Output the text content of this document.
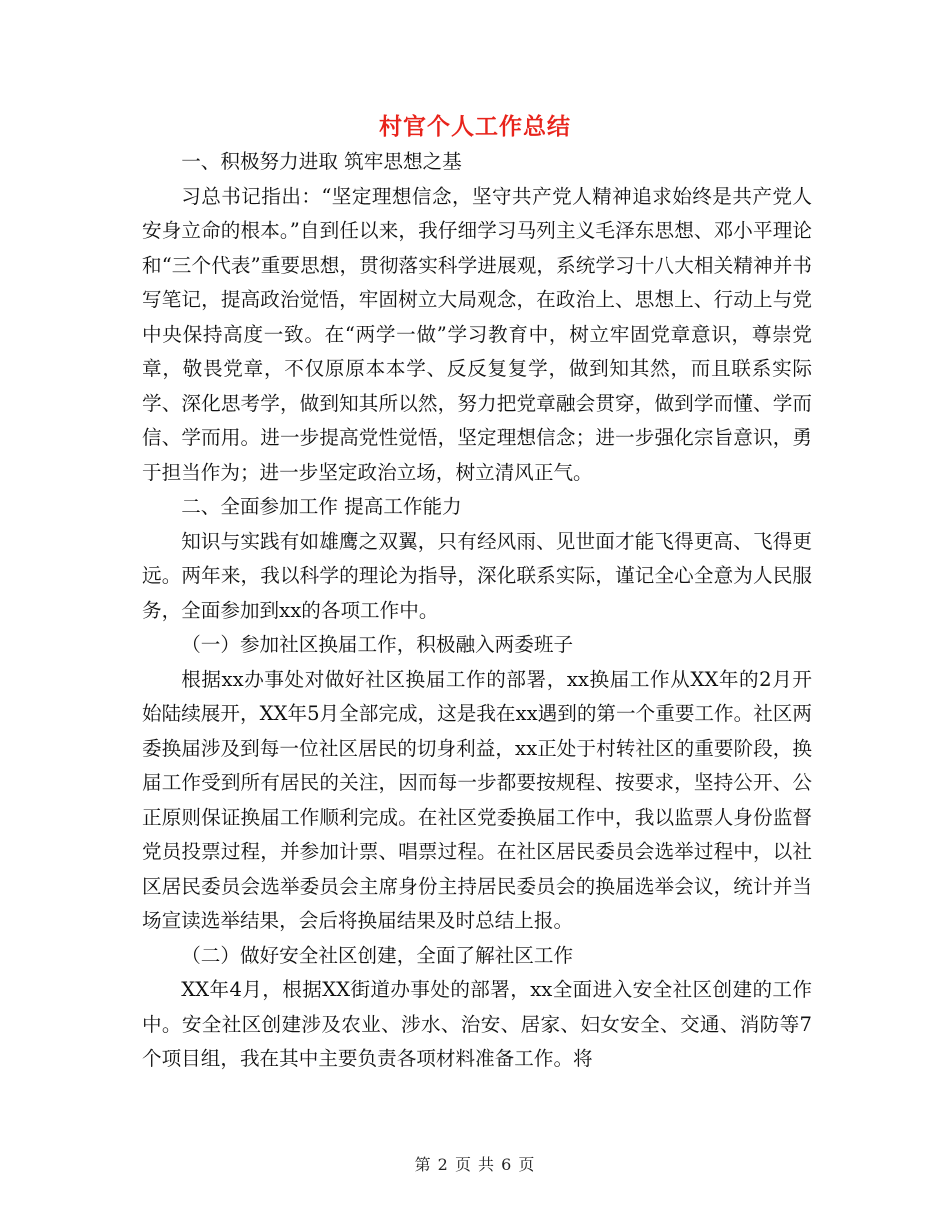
村官个人工作总结

一、积极努力进取 筑牢思想之基

习总书记指出：“坚定理想信念，坚守共产党人精神追求始终是共产党人安身立命的根本。”自到任以来，我仔细学习马列主义毛泽东思想、邓小平理论和“三个代表”重要思想，贯彻落实科学进展观，系统学习十八大相关精神并书写笔记，提高政治觉悟，牢固树立大局观念，在政治上、思想上、行动上与党中央保持高度一致。在“两学一做”学习教育中，树立牢固党章意识，尊崇党章，敬畏党章，不仅原原本本学、反反复复学，做到知其然，而且联系实际学、深化思考学，做到知其所以然，努力把党章融会贯穿，做到学而懂、学而信、学而用。进一步提高党性觉悟，坚定理想信念；进一步强化宗旨意识，勇于担当作为；进一步坚定政治立场，树立清风正气。

二、全面参加工作 提高工作能力

知识与实践有如雄鹰之双翼，只有经风雨、见世面才能飞得更高、飞得更远。两年来，我以科学的理论为指导，深化联系实际，谨记全心全意为人民服务，全面参加到xx的各项工作中。

（一）参加社区换届工作，积极融入两委班子

根据xx办事处对做好社区换届工作的部署，xx换届工作从XX年的2月开始陆续展开，XX年5月全部完成，这是我在xx遇到的第一个重要工作。社区两委换届涉及到每一位社区居民的切身利益，xx正处于村转社区的重要阶段，换届工作受到所有居民的关注，因而每一步都要按规程、按要求，坚持公开、公正原则保证换届工作顺利完成。在社区党委换届工作中，我以监票人身份监督党员投票过程，并参加计票、唱票过程。在社区居民委员会选举过程中，以社区居民委员会选举委员会主席身份主持居民委员会的换届选举会议，统计并当场宣读选举结果，会后将换届结果及时总结上报。

（二）做好安全社区创建，全面了解社区工作

XX年4月，根据XX街道办事处的部署，xx全面进入安全社区创建的工作中。安全社区创建涉及农业、涉水、治安、居家、妇女安全、交通、消防等7个项目组，我在其中主要负责各项材料准备工作。将

第 2 页 共 6 页
